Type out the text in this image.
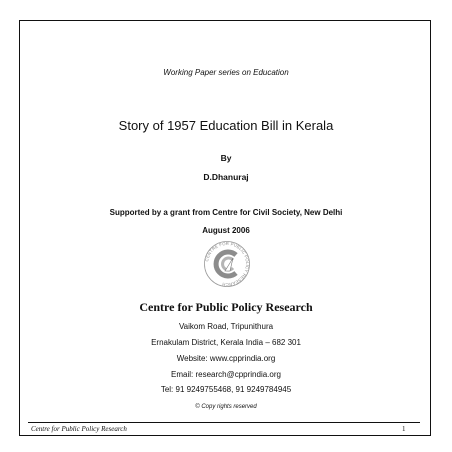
Working Paper series on Education
Story of 1957 Education Bill in Kerala
By
D.Dhanuraj
Supported by a grant from Centre for Civil Society, New Delhi
August 2006
CENTRE FOR PUBLIC POLICY RESEARCH
Centre for Public Policy Research
Vaikom Road, Tripunithura
Ernakulam District, Kerala India – 682 301
Website: www.cpprindia.org
Email: research@cpprindia.org
Tel: 91 9249755468, 91 9249784945
© Copy rights reserved
Centre for Public Policy Research	1
